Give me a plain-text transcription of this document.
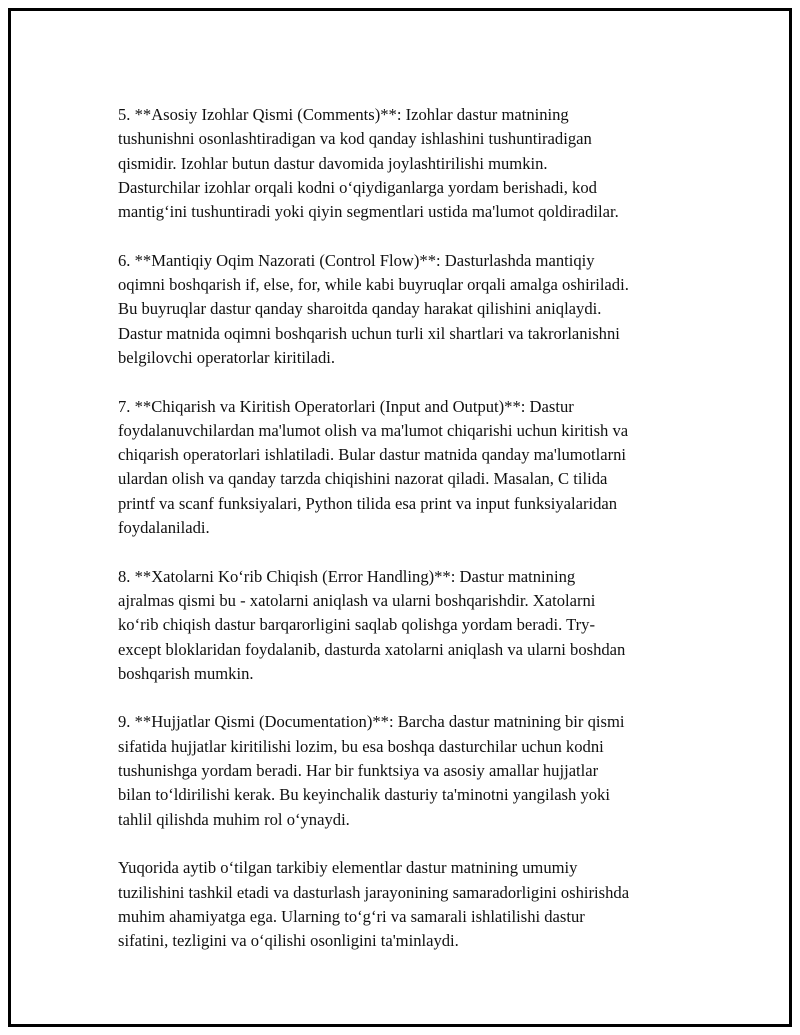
5. **Asosiy Izohlar Qismi (Comments)**: Izohlar dastur matnining
tushunishni osonlashtiradigan va kod qanday ishlashini tushuntiradigan
qismidir. Izohlar butun dastur davomida joylashtirilishi mumkin.
Dasturchilar izohlar orqali kodni o‘qiydiganlarga yordam berishadi, kod
mantig‘ini tushuntiradi yoki qiyin segmentlari ustida ma'lumot qoldiradilar.

6. **Mantiqiy Oqim Nazorati (Control Flow)**: Dasturlashda mantiqiy
oqimni boshqarish if, else, for, while kabi buyruqlar orqali amalga oshiriladi.
Bu buyruqlar dastur qanday sharoitda qanday harakat qilishini aniqlaydi.
Dastur matnida oqimni boshqarish uchun turli xil shartlari va takrorlanishni
belgilovchi operatorlar kiritiladi.

7. **Chiqarish va Kiritish Operatorlari (Input and Output)**: Dastur
foydalanuvchilardan ma'lumot olish va ma'lumot chiqarishi uchun kiritish va
chiqarish operatorlari ishlatiladi. Bular dastur matnida qanday ma'lumotlarni
ulardan olish va qanday tarzda chiqishini nazorat qiladi. Masalan, C tilida
printf va scanf funksiyalari, Python tilida esa print va input funksiyalaridan
foydalaniladi.

8. **Xatolarni Ko‘rib Chiqish (Error Handling)**: Dastur matnining
ajralmas qismi bu - xatolarni aniqlash va ularni boshqarishdir. Xatolarni
ko‘rib chiqish dastur barqarorligini saqlab qolishga yordam beradi. Try-
except bloklaridan foydalanib, dasturda xatolarni aniqlash va ularni boshdan
boshqarish mumkin.

9. **Hujjatlar Qismi (Documentation)**: Barcha dastur matnining bir qismi
sifatida hujjatlar kiritilishi lozim, bu esa boshqa dasturchilar uchun kodni
tushunishga yordam beradi. Har bir funktsiya va asosiy amallar hujjatlar
bilan to‘ldirilishi kerak. Bu keyinchalik dasturiy ta'minotni yangilash yoki
tahlil qilishda muhim rol o‘ynaydi.

Yuqorida aytib o‘tilgan tarkibiy elementlar dastur matnining umumiy
tuzilishini tashkil etadi va dasturlash jarayonining samaradorligini oshirishda
muhim ahamiyatga ega. Ularning to‘g‘ri va samarali ishlatilishi dastur
sifatini, tezligini va o‘qilishi osonligini ta'minlaydi.
